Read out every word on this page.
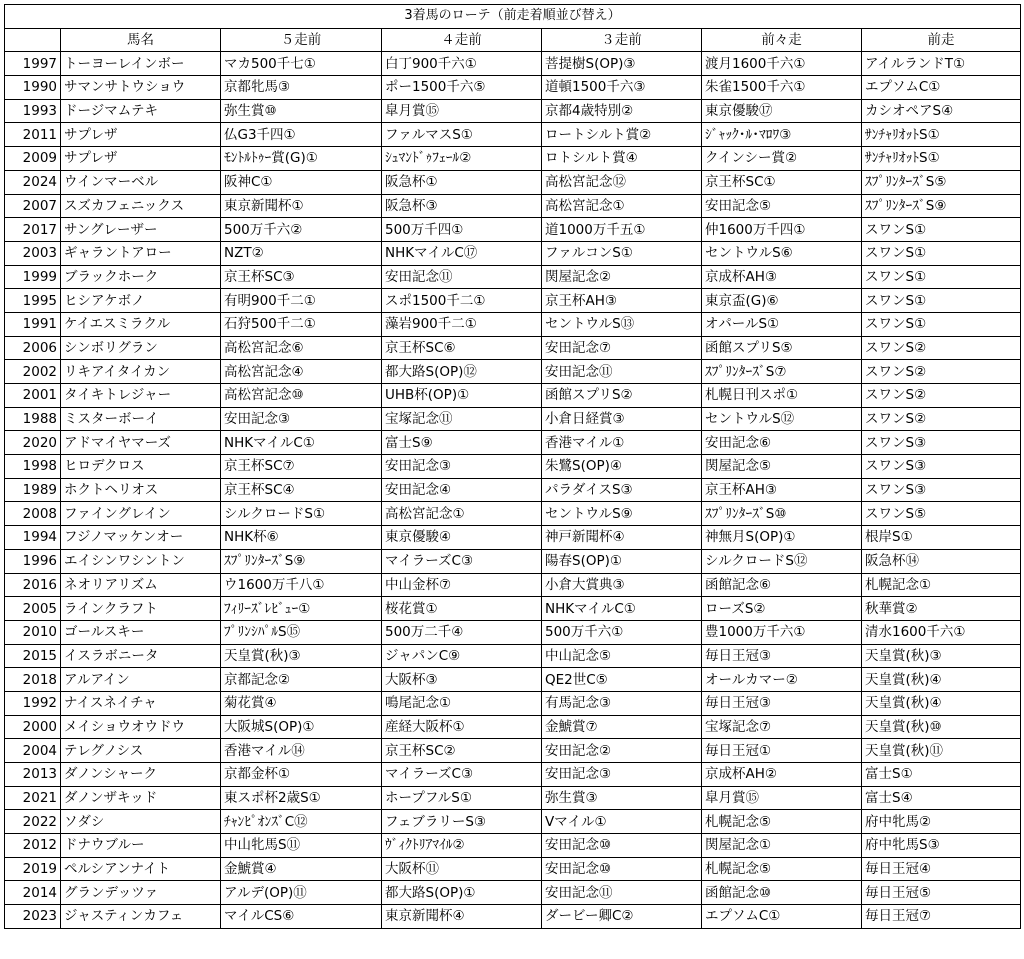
3着馬のローテ（前走着順並び替え）						
	馬名	５走前	４走前	３走前	前々走	前走
1997	トーヨーレインボー	マカ500千七①	白丁900千六①	菩提樹S(OP)③	渡月1600千六①	アイルランドT①
1990	サマンサトウショウ	京都牝馬③	ポー1500千六⑤	道頓1500千六③	朱雀1500千六①	エプソムC①
1993	ドージマムテキ	弥生賞⑩	皐月賞⑮	京都4歳特別②	東京優駿⑰	カシオペアS④
2011	サプレザ	仏G3千四①	ファルマスS①	ロートシルト賞②	ｼﾞｬｯｸ･ﾙ･ﾏﾛﾜ③	ｻﾝﾁｬﾘｵｯﾄS①
2009	サプレザ	ﾓﾝﾄﾙﾄｩｰ賞(G)①	ｼｭﾏﾝﾄﾞｩﾌｪｰﾙ②	ロトシルト賞④	クインシー賞②	ｻﾝﾁｬﾘｵｯﾄS①
2024	ウインマーベル	阪神C①	阪急杯①	高松宮記念⑫	京王杯SC①	ｽﾌﾟﾘﾝﾀｰｽﾞS⑤
2007	スズカフェニックス	東京新聞杯①	阪急杯③	高松宮記念①	安田記念⑤	ｽﾌﾟﾘﾝﾀｰｽﾞS⑨
2017	サングレーザー	500万千六②	500万千四①	道1000万千五①	仲1600万千四①	スワンS①
2003	ギャラントアロー	NZT②	NHKマイルC⑰	ファルコンS①	セントウルS⑥	スワンS①
1999	ブラックホーク	京王杯SC③	安田記念⑪	関屋記念②	京成杯AH③	スワンS①
1995	ヒシアケボノ	有明900千二①	スポ1500千二①	京王杯AH③	東京盃(G)⑥	スワンS①
1991	ケイエスミラクル	石狩500千二①	藻岩900千二①	セントウルS⑬	オパールS①	スワンS①
2006	シンボリグラン	高松宮記念⑥	京王杯SC⑥	安田記念⑦	函館スプリS⑤	スワンS②
2002	リキアイタイカン	高松宮記念④	都大路S(OP)⑫	安田記念⑪	ｽﾌﾟﾘﾝﾀｰｽﾞS⑦	スワンS②
2001	タイキトレジャー	高松宮記念⑩	UHB杯(OP)①	函館スプリS②	札幌日刊スポ①	スワンS②
1988	ミスターボーイ	安田記念③	宝塚記念⑪	小倉日経賞③	セントウルS⑫	スワンS②
2020	アドマイヤマーズ	NHKマイルC①	富士S⑨	香港マイル①	安田記念⑥	スワンS③
1998	ヒロデクロス	京王杯SC⑦	安田記念③	朱鷺S(OP)④	関屋記念⑤	スワンS③
1989	ホクトヘリオス	京王杯SC④	安田記念④	パラダイスS③	京王杯AH③	スワンS③
2008	ファイングレイン	シルクロードS①	高松宮記念①	セントウルS⑨	ｽﾌﾟﾘﾝﾀｰｽﾞS⑩	スワンS⑤
1994	フジノマッケンオー	NHK杯⑥	東京優駿④	神戸新聞杯④	神無月S(OP)①	根岸S①
1996	エイシンワシントン	ｽﾌﾟﾘﾝﾀｰｽﾞS⑨	マイラーズC③	陽春S(OP)①	シルクロードS⑫	阪急杯⑭
2016	ネオリアリズム	ウ1600万千八①	中山金杯⑦	小倉大賞典③	函館記念⑥	札幌記念①
2005	ラインクラフト	ﾌｨﾘｰｽﾞﾚﾋﾞｭｰ①	桜花賞①	NHKマイルC①	ローズS②	秋華賞②
2010	ゴールスキー	ﾌﾟﾘﾝｼﾊﾟﾙS⑮	500万二千④	500万千六①	豊1000万千六①	清水1600千六①
2015	イスラボニータ	天皇賞(秋)③	ジャパンC⑨	中山記念⑤	毎日王冠③	天皇賞(秋)③
2018	アルアイン	京都記念②	大阪杯③	QE2世C⑤	オールカマー②	天皇賞(秋)④
1992	ナイスネイチャ	菊花賞④	鳴尾記念①	有馬記念③	毎日王冠③	天皇賞(秋)④
2000	メイショウオウドウ	大阪城S(OP)①	産経大阪杯①	金鯱賞⑦	宝塚記念⑦	天皇賞(秋)⑩
2004	テレグノシス	香港マイル⑭	京王杯SC②	安田記念②	毎日王冠①	天皇賞(秋)⑪
2013	ダノンシャーク	京都金杯①	マイラーズC③	安田記念③	京成杯AH②	富士S①
2021	ダノンザキッド	東スポ杯2歳S①	ホープフルS①	弥生賞③	皐月賞⑮	富士S④
2022	ソダシ	ﾁｬﾝﾋﾟｵﾝｽﾞC⑫	フェブラリーS③	Vマイル①	札幌記念⑤	府中牝馬②
2012	ドナウブルー	中山牝馬S⑪	ｳﾞｨｸﾄﾘｱﾏｲﾙ②	安田記念⑩	関屋記念①	府中牝馬S③
2019	ペルシアンナイト	金鯱賞④	大阪杯⑪	安田記念⑩	札幌記念⑤	毎日王冠④
2014	グランデッツァ	アルデ(OP)⑪	都大路S(OP)①	安田記念⑪	函館記念⑩	毎日王冠⑤
2023	ジャスティンカフェ	マイルCS⑥	東京新聞杯④	ダービー卿C②	エプソムC①	毎日王冠⑦
